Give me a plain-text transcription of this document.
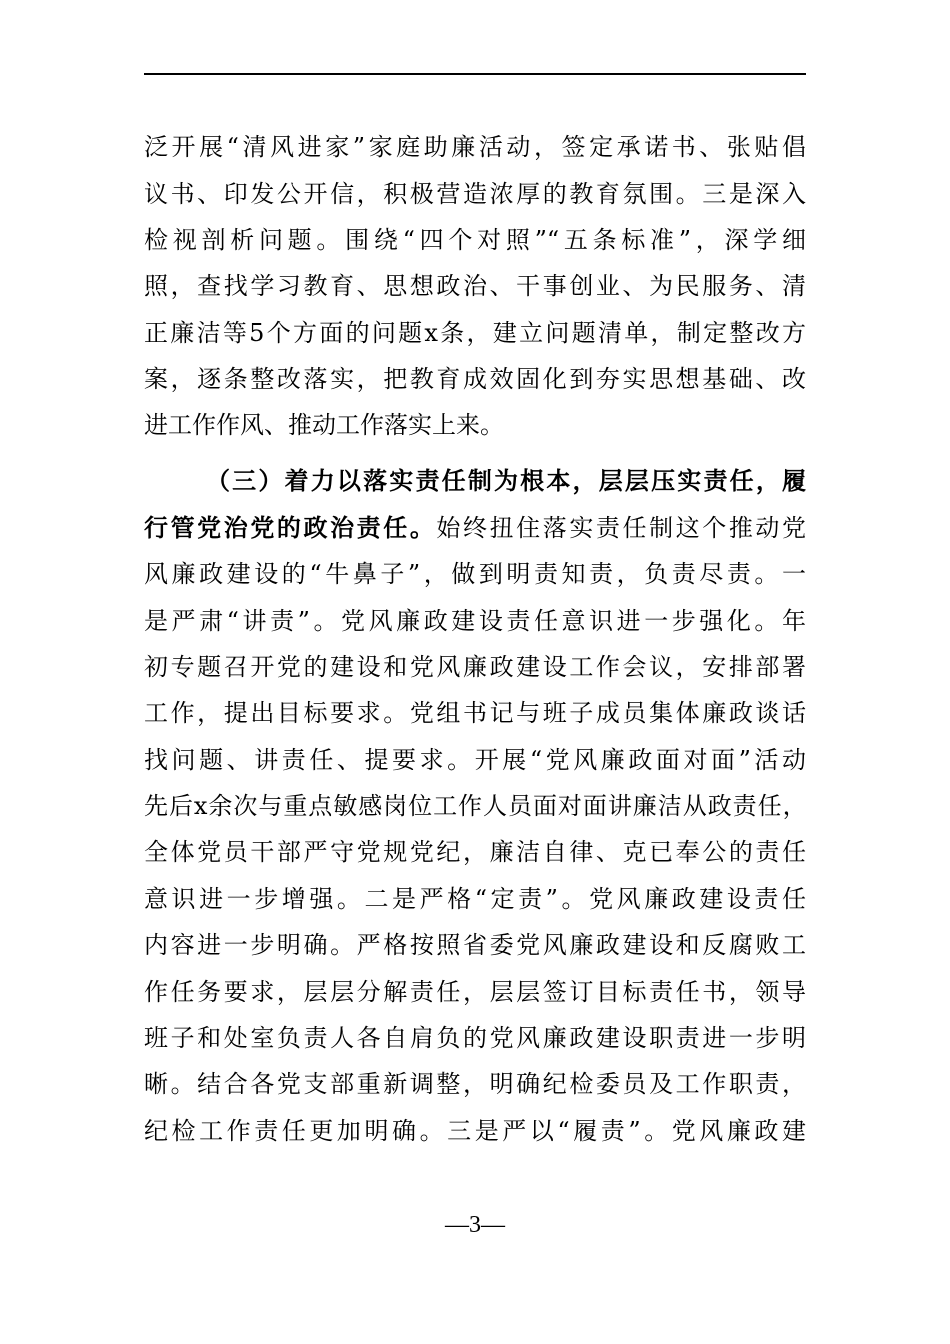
泛开展“清风进家”家庭助廉活动，签定承诺书、张贴倡
议书、印发公开信，积极营造浓厚的教育氛围。三是深入
检视剖析问题。围绕“四个对照”“五条标准”，深学细
照，查找学习教育、思想政治、干事创业、为民服务、清
正廉洁等5个方面的问题x条，建立问题清单，制定整改方
案，逐条整改落实，把教育成效固化到夯实思想基础、改
进工作作风、推动工作落实上来。
（三）着力以落实责任制为根本，层层压实责任，履
行管党治党的政治责任。始终扭住落实责任制这个推动党
风廉政建设的“牛鼻子”，做到明责知责，负责尽责。一
是严肃“讲责”。党风廉政建设责任意识进一步强化。年
初专题召开党的建设和党风廉政建设工作会议，安排部署
工作，提出目标要求。党组书记与班子成员集体廉政谈话
找问题、讲责任、提要求。开展“党风廉政面对面”活动
先后x余次与重点敏感岗位工作人员面对面讲廉洁从政责任，
全体党员干部严守党规党纪，廉洁自律、克已奉公的责任
意识进一步增强。二是严格“定责”。党风廉政建设责任
内容进一步明确。严格按照省委党风廉政建设和反腐败工
作任务要求，层层分解责任，层层签订目标责任书，领导
班子和处室负责人各自肩负的党风廉政建设职责进一步明
晰。结合各党支部重新调整，明确纪检委员及工作职责，
纪检工作责任更加明确。三是严以“履责”。党风廉政建
—3—
